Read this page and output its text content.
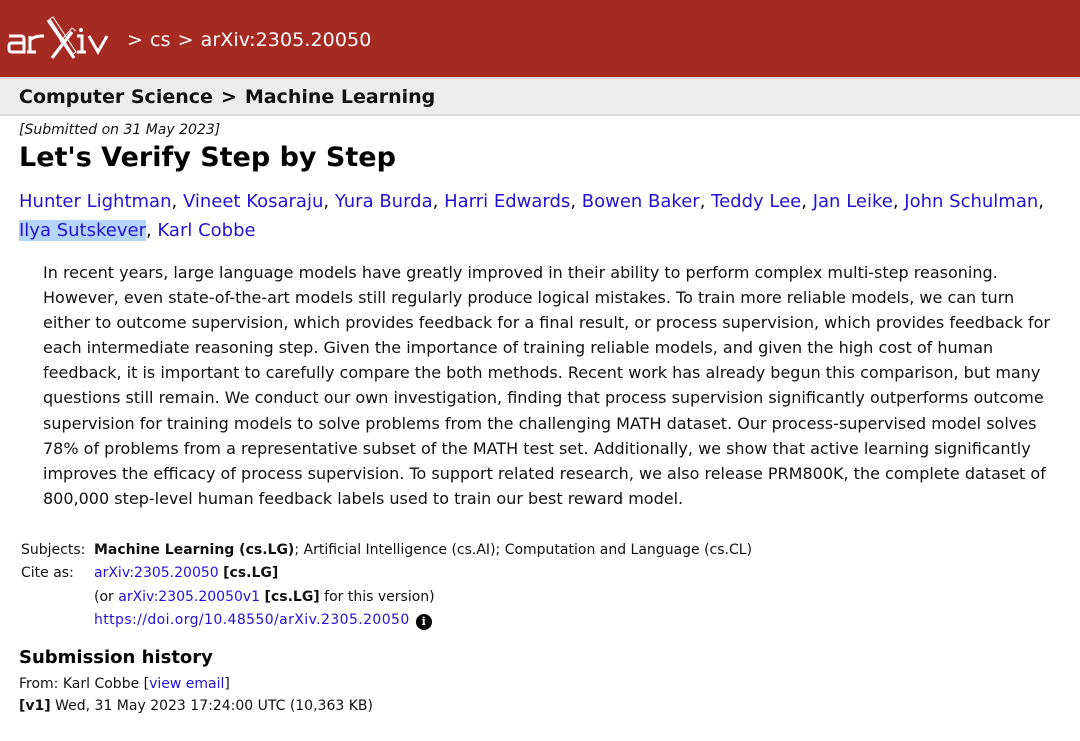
> cs > arXiv:2305.20050
Computer Science > Machine Learning
[Submitted on 31 May 2023]
Let's Verify Step by Step
Hunter Lightman, Vineet Kosaraju, Yura Burda, Harri Edwards, Bowen Baker, Teddy Lee, Jan Leike, John Schulman,
Ilya Sutskever, Karl Cobbe
In recent years, large language models have greatly improved in their ability to perform complex multi-step reasoning. However, even state-of-the-art models still regularly produce logical mistakes. To train more reliable models, we can turn either to outcome supervision, which provides feedback for a final result, or process supervision, which provides feedback for each intermediate reasoning step. Given the importance of training reliable models, and given the high cost of human feedback, it is important to carefully compare the both methods. Recent work has already begun this comparison, but many questions still remain. We conduct our own investigation, finding that process supervision significantly outperforms outcome supervision for training models to solve problems from the challenging MATH dataset. Our process-supervised model solves 78% of problems from a representative subset of the MATH test set. Additionally, we show that active learning significantly improves the efficacy of process supervision. To support related research, we also release PRM800K, the complete dataset of 800,000 step-level human feedback labels used to train our best reward model.
Subjects: Machine Learning (cs.LG); Artificial Intelligence (cs.AI); Computation and Language (cs.CL)
Cite as:	arXiv:2305.20050 [cs.LG]
(or arXiv:2305.20050v1 [cs.LG] for this version)
https://doi.org/10.48550/arXiv.2305.20050 i
Submission history
From: Karl Cobbe [view email]
[v1] Wed, 31 May 2023 17:24:00 UTC (10,363 KB)
